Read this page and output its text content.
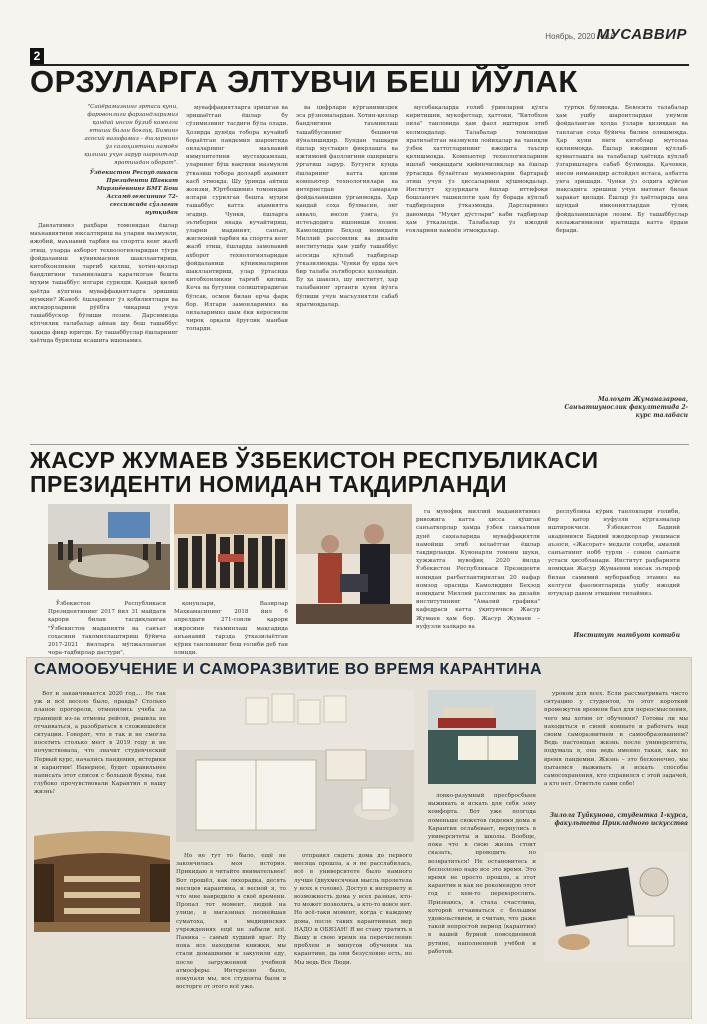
Ноябрь, 2020 №16
МУСАВВИР
2
ОРЗУЛАРГА ЭЛТУВЧИ БЕШ ЙЎЛАК
"Сайёрамизнинг эртаси куни, фаровонлиги фарзандларимиз қандай инсон бўлиб камолга етиши билан боғлиқ. Биминг асосий вазифамиз – ёшларнинг ўз салоҳиятини намоён қилиши учун зарур шароитлар яратишдан иборат".
Ўзбекистон Республикаси Президенти Шавкат Мирзиёевнинг БМТ Бош Ассамблеясининг 72-сессиясида сўзлаган нутқидан

Давлатимиз раҳбари томонидан ёшлар маънавиятини юксалтириш ва уларни мазмунли, ижобий, маънавий тарбия ва спортга кенг жалб этиш, уларда ахборот технологияларидан тўғри фойдаланиш кўникмасини шакллантириш, китобхонликни тарғиб қилиш, хотин-қизлар бандлигини таъминлашга қаратилган бешта муҳим ташаббус илгари сурилди. Қандай қилиб ҳаётда кўпгина муваффақиятларга эришиш мумкин? Жавоб: ёшларнинг ўз қобилиятлари ва иқтидорларини рўёбга чиқариш учун ташаббускор бўлиши лозим. Дарсимизда кўпчилик талабалар айнан шу беш ташаббус ҳақида фикр юритди. Бу ташаббуслар ёшларнинг ҳаётида бурилиш ясашига ишонамиз.

муваффақиятларга эришган ва эришаётган ёшлар бу сўзимизнинг тасдиғи бўла олади. Ҳозирда дунёда тобора кучайиб бораётган пандемия шароитида оилаларнинг маънавий иммунитетини мустаҳкамлаш, уларнинг бўш вақтини мазмунли ўтказиш тобора долзарб аҳамият касб этмоқда. Шу ўринда айтиш жоизки, Юртбошимиз томонидан илгари сурилган бешта муҳим ташаббус катта аҳамиятга эгадир. Чунки, ёшларга эътиборни янада кучайтириш, уларни маданият, санъат, жисмоний тарбия ва спортга кенг жалб этиш, ёшларда замонавий ахборот технологияларидан фойдаланиш кўникмаларини шакллантириш, улар ўртасида китобхонликни тарғиб қилиш. Кеча ва бугунни солиштирадиган бўлсак, осмон билан ерча фарқ бор. Илгари замонларимиз ва оилаларимиз шам ёки керосинли чироқ орқали ёруғлик манбаи топарди.

ва цифрлари кўрганимиздек эса рўзномалардан. Хотин-қизлар бандлигини таъминлаш ташаббусининг бешинчи йўналишидир. Бундан ташқари ёшлар мустақил фикрлашга ва ижтимоий фаоллигини оширишга ўргатиш зарур. Бугунги кунда ёшларнинг катта қисми компьютер технологиялари ва интернетдан самарали фойдаланишни ўрганмоқда. Ҳар қандай соҳа бўлмасин, энг аввало, инсон ўзига, ўз истеъдодига ишониши лозим. Камолиддин Беҳзод номидаги Миллий рассомлик ва дизайн институтида ҳам ушбу ташаббус асосида кўплаб тадбирлар ўтказилмоқда. Чунки бу ерда ҳеч бир талаба эътиборсиз қолмайди. Бу ҳа шаксиз, шу институт, ҳар талабанинг эртанги куни йўлга бўлиши учун масъулиятли сабаб яратмоқдалар.

мусобақаларда ғолиб ўринларни қўлга киритишни, мукофотлар, ҳаттоки, "Китобхон оила" танловида ҳам фаол иштирок этиб келмоқдалар. Талабалар томонидан яратилаётган мазмунли лойиҳалар ва таниқли ўзбек хаттотларининг ижодига таъсир қилишмоқда. Компьютер технологияларини ишлаб чиқишдаги қийинчиликлар ва ёшлар ўртасида бўлаётган муаммоларни бартараф этиш учун ўз ҳиссаларини қўшмоқдалар. Институт ҳузуридаги ёшлар иттифоқи бошланғич ташкилоти ҳам бу борада кўплаб тадбирларни ўтказмоқда. Дарсларимиз давомида "Муҳит дўстлари" каби тадбирлар ҳам ўтказилди. Талабалар ўз ижодий ғояларини намоён этмоқдалар.

туртки бўлмоқда. Бевосита талабалар ҳам ушбу шароитлардан унумли фойдаланган ҳолда ўзлари қизиққан ва танлаган соҳа бўйича билим олишмоқда. Ҳар куни янги китоблар мутолаа қилинмоқда. Ёшлар ижодини қўллаб-қувватлашга ва талабалар ҳаётида кўплаб ўзгаришларга сабаб бўлмоқда. Қачонки, инсон ниманидир астойдил истаса, албатта унга эришади. Чунки ўз олдига қўйган мақсадига эришиш учун матонат билан ҳаракат қилади. Ёшлар ўз ҳаётларида ана шундай имкониятлардан тўлиқ фойдаланишлари лозим. Бу ташаббуслар келажагимизни яратишда катта ёрдам беради.

Малоҳат Жуманазарова, Санъатшунослик факултетида 2-курс талабаси
ЖАСУР ЖУМАЕВ ЎЗБЕКИСТОН РЕСПУБЛИКАСИ ПРЕЗИДЕНТИ НОМИДАН ТАҚДИРЛАНДИ

Ўзбекистон Республикаси Президентининг 2017 йил 31 майдаги қарори билан тасдиқланган "Ўзбекистон маданияти ва санъат соҳасини такомиллаштириш бўйича 2017-2021 йилларга мўлжалланган чора-тадбирлар дастури",

қонунлари, Вазирлар Маҳкамасининг 2018 йил 6 апрелдаги 271-сонли қарори ижросини таъминлаш мақсадида анъанавий тарзда ўтказилаётган кўрик танловнинг бош ғолиби деб тан олинди.

га мувофиқ миллий маданиятимиз ривожига катта ҳисса қўшган санъаткорлар ҳамда ўзбек санъатини дунё саҳналарида муваффақиятли намойиш этиб келаётган ёшлар тақдирланди. Кувонарли томони шуки, ҳужжатга мувофиқ 2020 йилда Ўзбекистон Республикаси Президенти номидан рағбатлантирилган 20 нафар номзод орасида Камолиддин Беҳзод номидаги Миллий рассомлик ва дизайн институтининг "Амалий графика" кафедраси катта ўқитувчиси Жасур Жумаев ҳам бор. Жасур Жумаев – нуфузли халқаро ва

республика кўрик танловлари ғолиби, бир қатор нуфузли кўргазмалар иштирокчиси. Ўзбекистон Бадиий академияси Бадиий ижодкорлар уюшмаси аъзоси, «Жасорат» медали соҳиби, амалий санъатнинг нобб турли - сомон санъати устаси ҳисобланади. Институт раҳбарияти номидан Жасур Жумаевни юксак эътироф билан самимий муборакбод этамиз ва келгуси фаолиятларида ушбу ижодий ютуқлар давом этишини тилаймиз.

Институт матбуот котиби
САМООБУЧЕНИЕ И САМОРАЗВИТИЕ ВО ВРЕМЯ КАРАНТИНА

Вот и заканчивается 2020 год.... Не так уж и всё весело было, правда? Столько планов прогорели, отменились учеба за границей из-за отмены рейсов, решила не отчаиваться, а разобраться в сложившейся ситуации. Говорят, что я так и не смогла посетить столько мест в 2019 году и не почувствовала, что значит студенческий Первый курс, начались пандемия, истерики и карантин! Наверное, будет правильнее написать этот список с большой буквы, так глубоко прочувствовали Карантин в нашу жизнь!

Но не тут то было, ещё не закончилась моя история. Прикидаю я читайте внимательнее! Вот прошёл, как лихорадка, десять месяцев карантина, и весной я, то что мне навредило в своё времени. Пропал тот момент, людей на улице, в магазинах полнейшая суматоха, в медицинских учреждениях ещё не забыли всё. Паника – самый худший враг. Ну пока все находили книжки, мы стали домашними и закупили еду, после загруженной учебной атмосферы. Интересно было, покупали мы, все студенты были в восторге от этого всё уже.

отправил сидеть дома до первого месяца прошла, а я не расслабилась, всё в университете было намного лучше (двухмесячная мысль пролетела у всех в голове). Доступ к интернету и возможность дома у всех разные, кто-то может позволить, а кто-то вовсе нет. Но всё-таки момент, когда с каждому дома, после таких карантинных мер НАДО и ОБЯЗАН! Я не стану тратить в Вашу и свою время на перечисление проблем и минусов обучения на карантине, да они безусловно есть, но Мы ведь Все Люди.

ловко-разумный пресбросбыен выживать и искать для себя зону комфорта. Вот уже полгода поменьше сюжетов сидения дома и Карантин ослабевает, вернулись в университеты и школы. Вообще, пока что в свою жизнь стоит сказать, проводить по возвратиться! Не остановитесь и бесполезно надо все это время. Это время не просто прошло, а этот карантин и как не рекомендую этот год с кем-то перевзрослить. Признаюсь, я стала счастлива, которой отчаиваться с большим удовольствием, и считаю, что даже такой непростой период (карантин) в вашей бурной повседневной рутине, наполненной учёбой и работой.

уроком для всех. Если рассматривать чисто ситуацию у студентов, то этот короткий промежуток времени был для переосмысления, чего мы хотим от обучения? Готовы ли мы находиться в своей комнате и работать над своим саморазвитием и самообразованием? Ведь настоящая жизнь после университета, подумала я, она ведь именно такая, как во время пандемии. Жизнь – это бесконечно, мы пытаемся выживать и искать способы самосохранения, кто справился с этой задачей, а кто нет. Ответьте сами себе!

Зилола Туйкунова, студентка 1-курса, факультета Прикладного искусства
